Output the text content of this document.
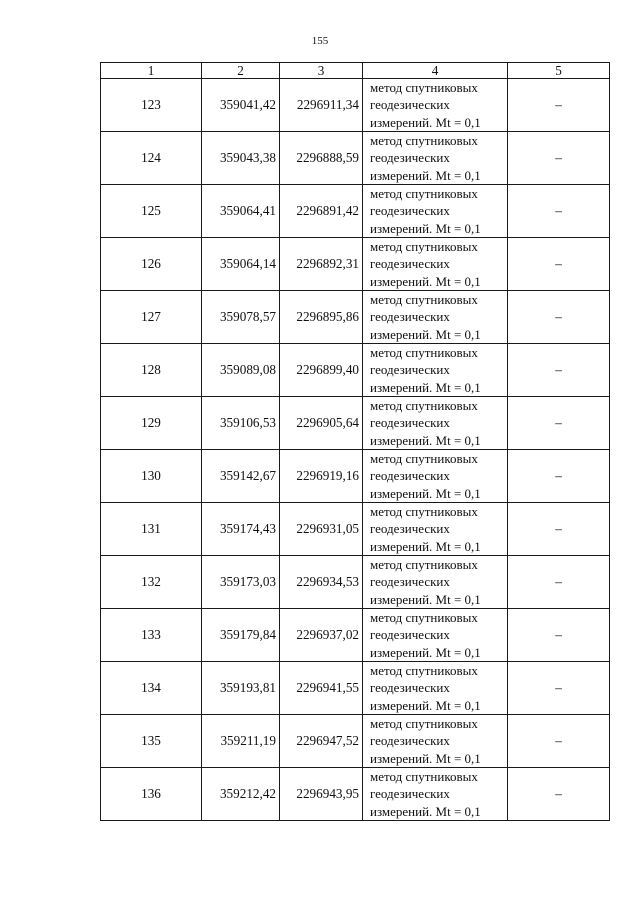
155
1	2	3	4	5
123	359041,42	2296911,34	метод спутниковых
геодезических
измерений. Mt = 0,1	–
124	359043,38	2296888,59	метод спутниковых
геодезических
измерений. Mt = 0,1	–
125	359064,41	2296891,42	метод спутниковых
геодезических
измерений. Mt = 0,1	–
126	359064,14	2296892,31	метод спутниковых
геодезических
измерений. Mt = 0,1	–
127	359078,57	2296895,86	метод спутниковых
геодезических
измерений. Mt = 0,1	–
128	359089,08	2296899,40	метод спутниковых
геодезических
измерений. Mt = 0,1	–
129	359106,53	2296905,64	метод спутниковых
геодезических
измерений. Mt = 0,1	–
130	359142,67	2296919,16	метод спутниковых
геодезических
измерений. Mt = 0,1	–
131	359174,43	2296931,05	метод спутниковых
геодезических
измерений. Mt = 0,1	–
132	359173,03	2296934,53	метод спутниковых
геодезических
измерений. Mt = 0,1	–
133	359179,84	2296937,02	метод спутниковых
геодезических
измерений. Mt = 0,1	–
134	359193,81	2296941,55	метод спутниковых
геодезических
измерений. Mt = 0,1	–
135	359211,19	2296947,52	метод спутниковых
геодезических
измерений. Mt = 0,1	–
136	359212,42	2296943,95	метод спутниковых
геодезических
измерений. Mt = 0,1	–
